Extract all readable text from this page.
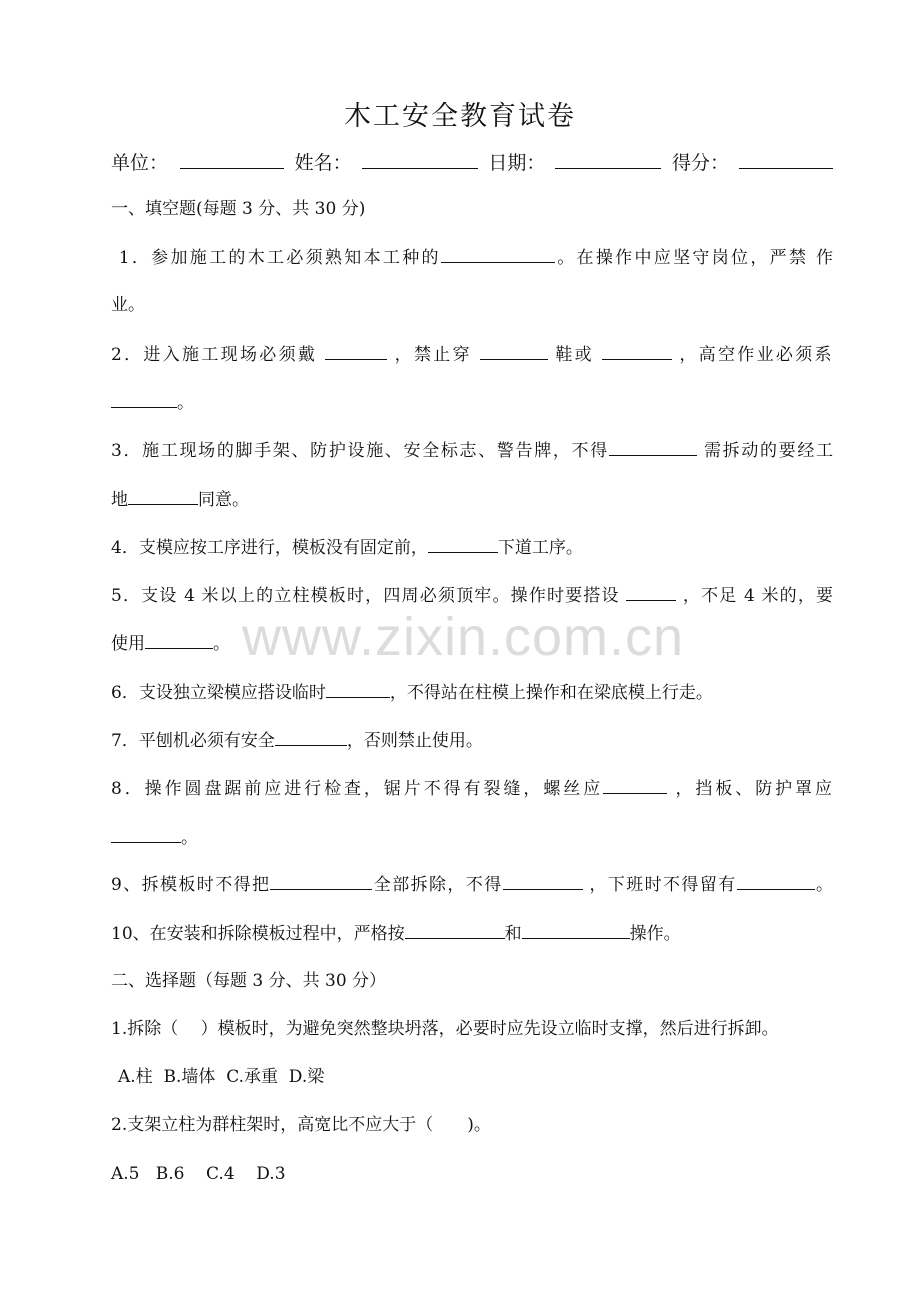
木工安全教育试卷
单位：	姓名：	日期：	得分：
一、填空题(每题 3 分、共 30 分)
1．参加施工的木工必须熟知本工种的	。在操作中应坚守岗位，严禁 作
业。
2．进入施工现场必须戴	，禁止穿	鞋或	，高空作业必须系
。
3．施工现场的脚手架、防护设施、安全标志、警告牌，不得	需拆动的要经工
地	同意。
4．支模应按工序进行，模板没有固定前，	下道工序。
5．支设 4 米以上的立柱模板时，四周必须顶牢。操作时要搭设	，不足 4 米的，要
使用	。
6．支设独立梁模应搭设临时	，不得站在柱模上操作和在梁底模上行走。
7．平刨机必须有安全	，否则禁止使用。
8．操作圆盘踞前应进行检查，锯片不得有裂缝，螺丝应	，挡板、防护罩应
。
9、拆模板时不得把	全部拆除，不得	，下班时不得留有	。
10、在安装和拆除模板过程中，严格按	和	操作。
二、选择题（每题 3 分、共 30 分）
1.拆除（　 ）模板时，为避免突然整块坍落，必要时应先设立临时支撑，然后进行拆卸。
A.柱  B.墙体  C.承重  D.梁
2.支架立柱为群柱架时，高宽比不应大于（　　)。
A.5   B.6    C.4    D.3
www.zixin.com.cn
